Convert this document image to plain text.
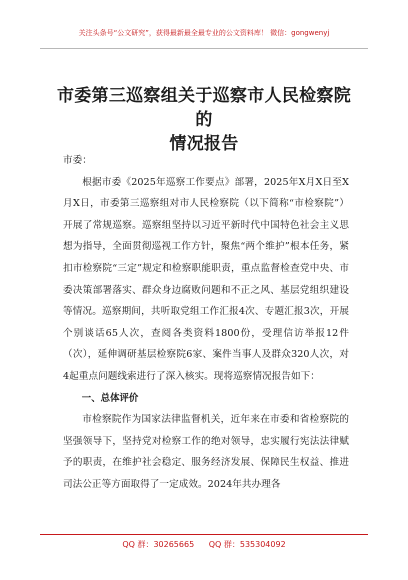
关注头条号“公文研究”，获得最新最全最专业的公文资料库！ 微信：gongwenyj
市委第三巡察组关于巡察市人民检察院的
情况报告

市委：

根据市委《2025年巡察工作要点》部署，2025年X月X日至X月X日，市委第三巡察组对市人民检察院（以下简称“市检察院”）开展了常规巡察。巡察组坚持以习近平新时代中国特色社会主义思想为指导，全面贯彻巡视工作方针，聚焦“两个维护”根本任务，紧扣市检察院“三定”规定和检察职能职责，重点监督检查党中央、市委决策部署落实、群众身边腐败问题和不正之风、基层党组织建设等情况。巡察期间，共听取党组工作汇报4次、专题汇报3次，开展个别谈话65人次，查阅各类资料1800份，受理信访举报12件（次），延伸调研基层检察院6家、案件当事人及群众320人次，对4起重点问题线索进行了深入核实。现将巡察情况报告如下：

一、总体评价

市检察院作为国家法律监督机关，近年来在市委和省检察院的坚强领导下，坚持党对检察工作的绝对领导，忠实履行宪法法律赋予的职责，在维护社会稳定、服务经济发展、保障民生权益、推进司法公正等方面取得了一定成效。2024年共办理各

QQ 群：30265665 QQ 群：535304092
